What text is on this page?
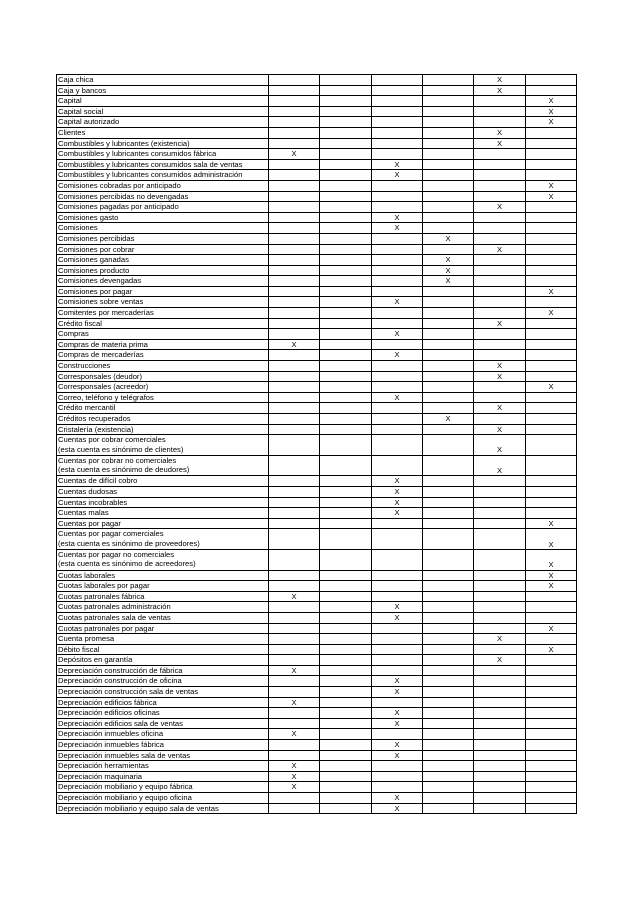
Caja chica					X	

Caja y bancos					X	

Capital						X

Capital social						X

Capital autorizado						X

Clientes					X	

Combustibles y lubricantes (existencia)					X	

Combustibles y lubricantes consumidos fábrica	X					

Combustibles y lubricantes consumidos sala de ventas			X			

Combustibles y lubricantes consumidos administración			X			

Comisiones cobradas por anticipado						X

Comisiones percibidas no devengadas						X

Comisiones pagadas por anticipado					X	

Comisiones gasto			X			

Comisiones			X			

Comisiones percibidas				X		

Comisiones por cobrar					X	

Comisiones ganadas				X		

Comisiones producto				X		

Comisiones devengadas				X		

Comisiones por pagar						X

Comisiones sobre ventas			X			

Comitentes por mercaderías						X

Crédito fiscal					X	

Compras			X			

Compras de materia prima	X					

Compras de mercaderías			X			

Construcciones					X	

Corresponsales (deudor)					X	

Corresponsales (acreedor)						X

Correo, teléfono y telégrafos			X			

Crédito mercantil					X	

Créditos recuperados				X		

Cristalería (existencia)					X	

Cuentas por cobrar comerciales
(esta cuenta es sinónimo de clientes)					X	

Cuentas por cobrar no comerciales
(esta cuenta es sinónimo de deudores)					X	

Cuentas de difícil cobro			X			

Cuentas dudosas			X			

Cuentas incobrables			X			

Cuentas malas			X			

Cuentas por pagar						X

Cuentas por pagar comerciales
(esta cuenta es sinónimo de proveedores)						X

Cuentas por pagar no comerciales
(esta cuenta es sinónimo de acreedores)						X

Cuotas laborales						X

Cuotas laborales por pagar						X

Cuotas patronales fábrica	X					

Cuotas patronales administración			X			

Cuotas patronales sala de ventas			X			

Cuotas patronales por pagar						X

Cuenta promesa					X	

Débito fiscal						X

Depósitos en garantía					X	

Depreciación construcción de fábrica	X					

Depreciación construcción de oficina			X			

Depreciación construcción sala de ventas			X			

Depreciación edificios fábrica	X					

Depreciación edificios oficinas			X			

Depreciación edificios sala de ventas			X			

Depreciación inmuebles oficina	X					

Depreciación inmuebles fábrica			X			

Depreciación inmuebles sala de ventas			X			

Depreciación herramientas	X					

Depreciación maquinaria	X					

Depreciación mobiliario y equipo fábrica	X					

Depreciación mobiliario y equipo oficina			X			

Depreciación mobiliario y equipo sala de ventas			X			
